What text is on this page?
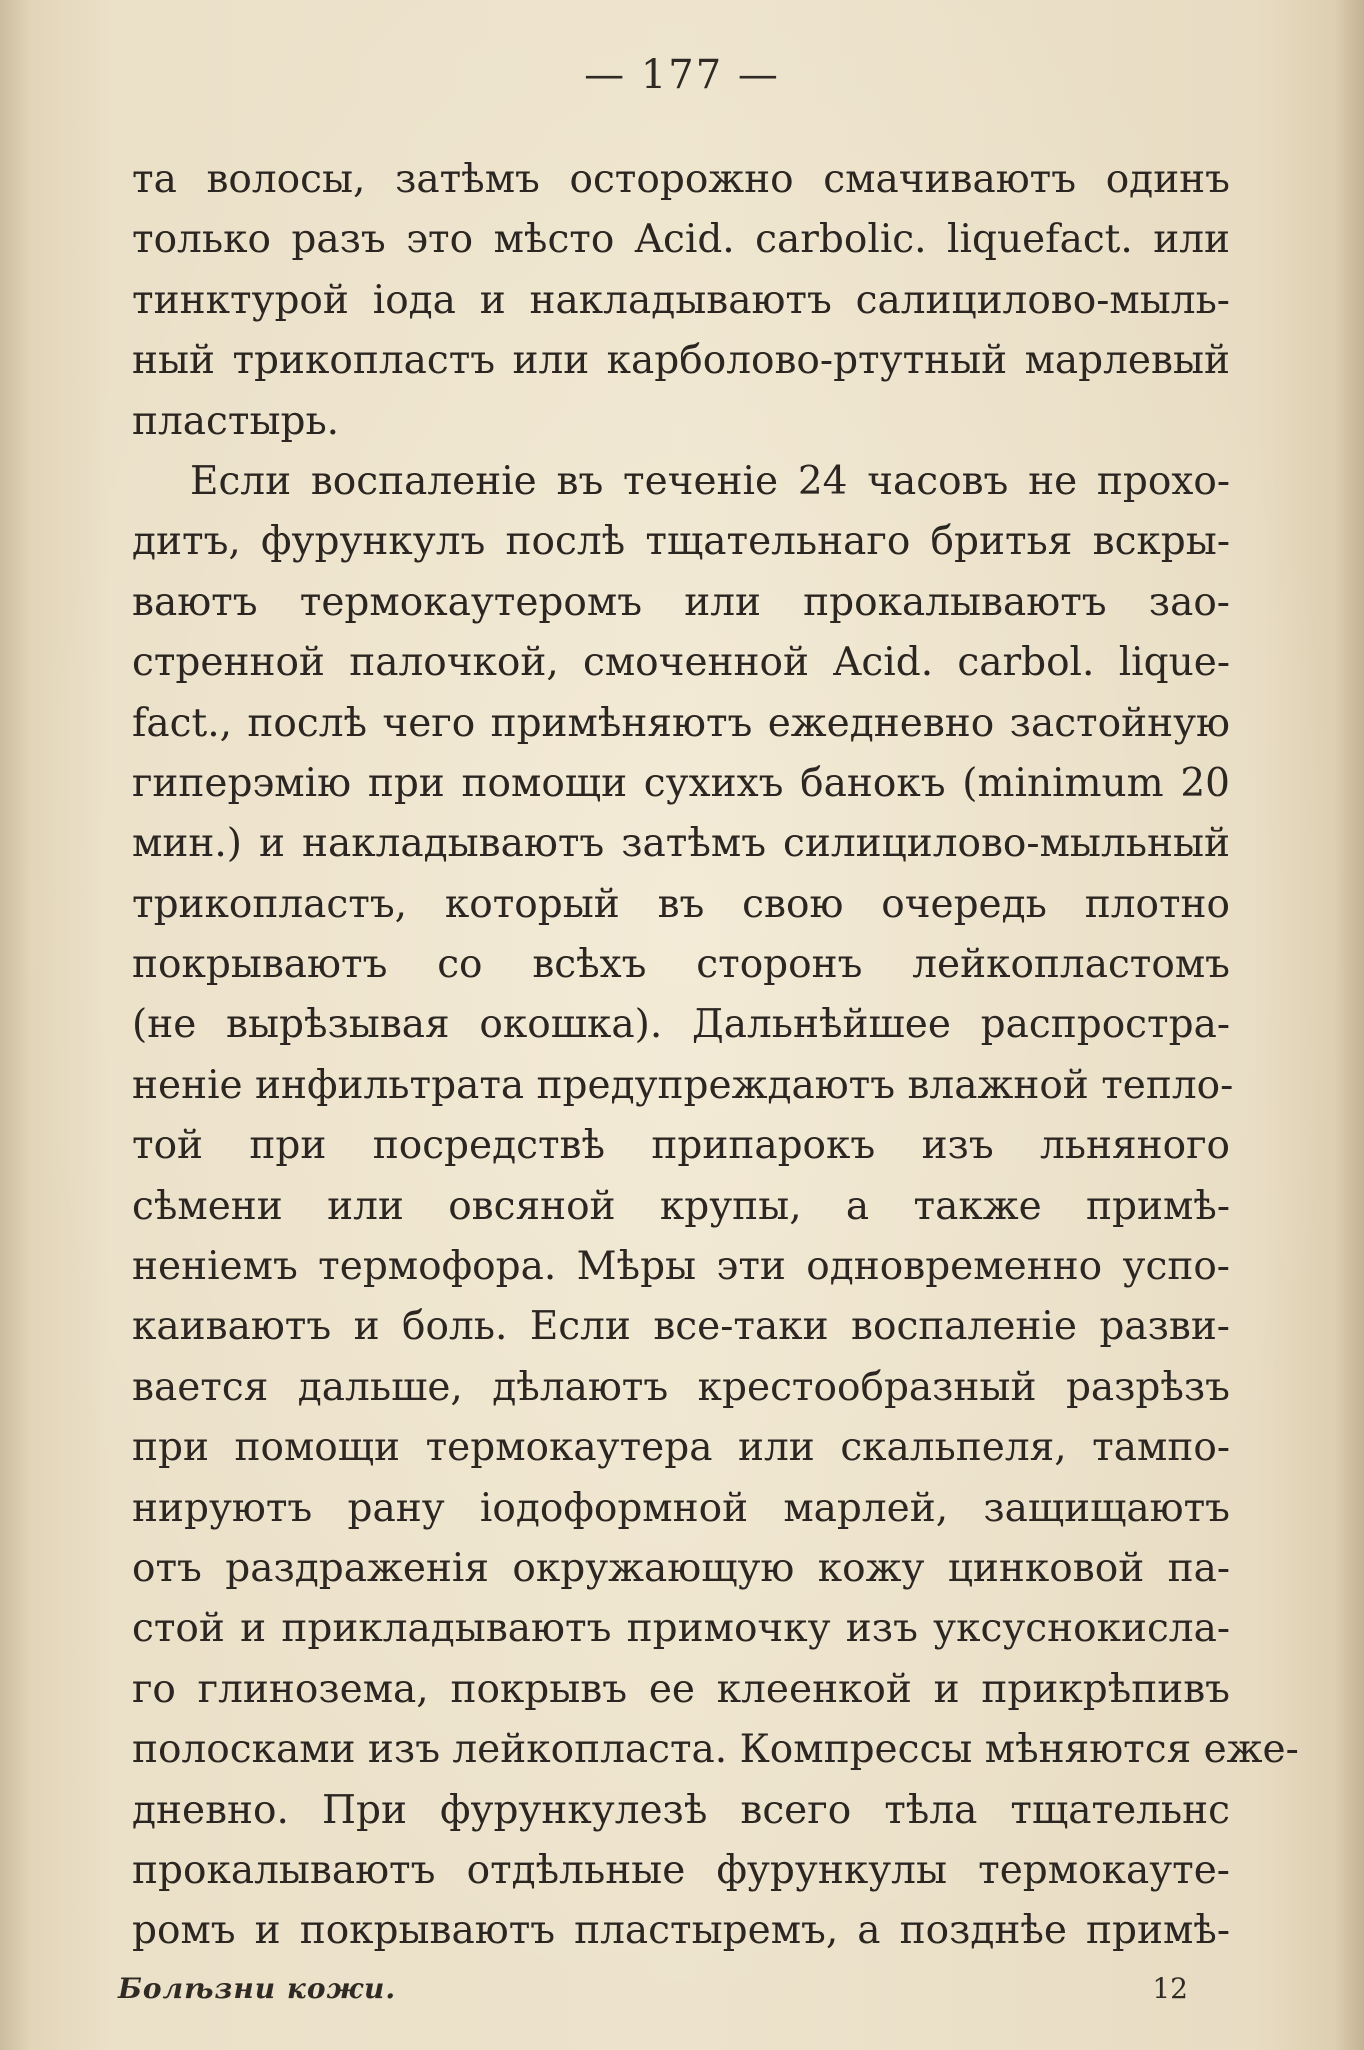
— 177 —
та волосы, затѣмъ осторожно смачиваютъ одинъ
только разъ это мѣсто Acid. carbolic. liquefact. или
тинктурой іода и накладываютъ салицилово-мыль-
ный трикопластъ или карболово-ртутный марлевый
пластырь.
Если воспаленіе въ теченіе 24 часовъ не прохо-
дитъ, фурункулъ послѣ тщательнаго бритья вскры-
ваютъ термокаутеромъ или прокалываютъ зао-
стренной палочкой, смоченной Acid. carbol. lique-
fact., послѣ чего примѣняютъ ежедневно застойную
гиперэмію при помощи сухихъ банокъ (minimum 20
мин.) и накладываютъ затѣмъ силицилово-мыльный
трикопластъ, который въ свою очередь плотно
покрываютъ со всѣхъ сторонъ лейкопластомъ
(не вырѣзывая окошка). Дальнѣйшее распростра-
неніе инфильтрата предупреждаютъ влажной тепло-
той при посредствѣ припарокъ изъ льняного
сѣмени или овсяной крупы, а также примѣ-
неніемъ термофора. Мѣры эти одновременно успо-
каиваютъ и боль. Если все-таки воспаленіе разви-
вается дальше, дѣлаютъ крестообразный разрѣзъ
при помощи термокаутера или скальпеля, тампо-
нируютъ рану іодоформной марлей, защищаютъ
отъ раздраженія окружающую кожу цинковой па-
стой и прикладываютъ примочку изъ уксуснокисла-
го глинозема, покрывъ ее клеенкой и прикрѣпивъ
полосками изъ лейкопласта. Компрессы мѣняются еже-
дневно. При фурункулезѣ всего тѣла тщательнс
прокалываютъ отдѣльные фурункулы термокауте-
ромъ и покрываютъ пластыремъ, а позднѣе примѣ-
Болѣзни кожи.	12
